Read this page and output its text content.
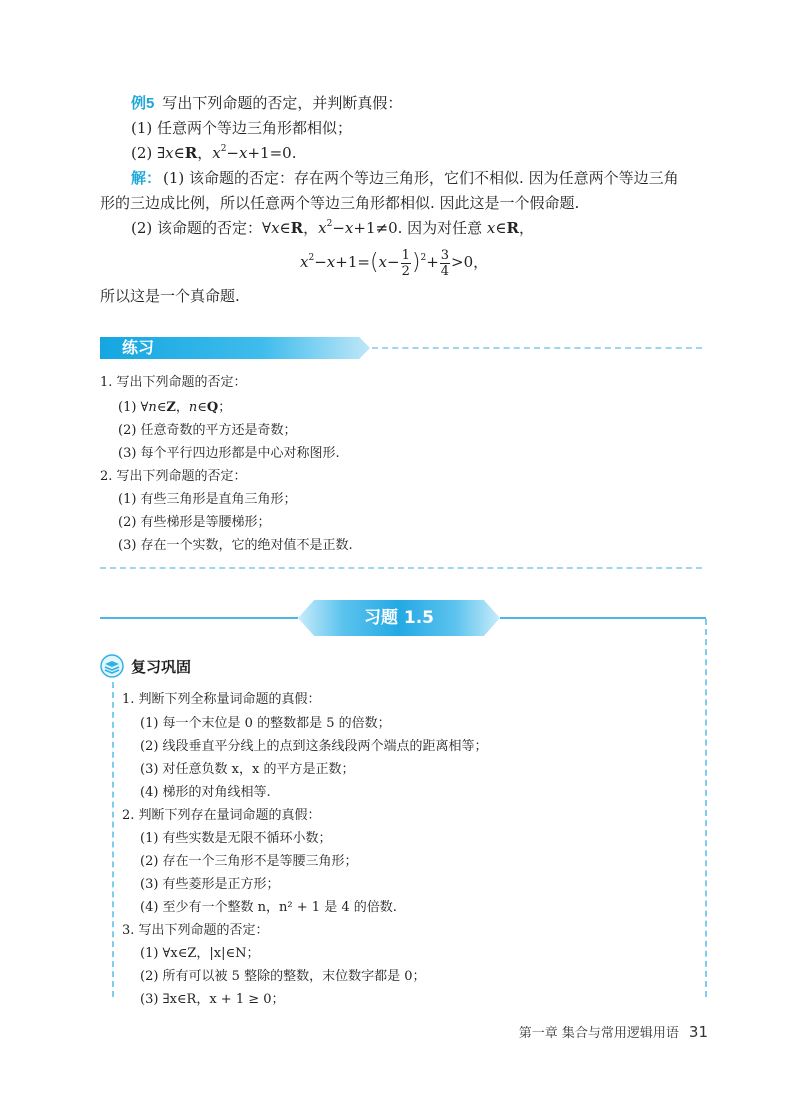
例5 写出下列命题的否定，并判断真假：
(1) 任意两个等边三角形都相似；
(2) ∃x∈R，$x^2-x+1=0$.
解： (1) 该命题的否定：存在两个等边三角形，它们不相似. 因为任意两个等边三角
形的三边成比例，所以任意两个等边三角形都相似. 因此这是一个假命题.
(2) 该命题的否定：∀x∈R，$x^2-x+1\ne 0$. 因为对任意 x∈R，
$x^2-x+1=(x- \frac{1}{2} )^2+ \frac{3}{4} >0$，
所以这是一个真命题.
练习
1. 写出下列命题的否定：
(1) ∀n∈Z，n∈Q；
(2) 任意奇数的平方还是奇数；
(3) 每个平行四边形都是中心对称图形.
2. 写出下列命题的否定：
(1) 有些三角形是直角三角形；
(2) 有些梯形是等腰梯形；
(3) 存在一个实数，它的绝对值不是正数.
习题 1.5
复习巩固
1. 判断下列全称量词命题的真假：
(1) 每一个末位是 0 的整数都是 5 的倍数；
(2) 线段垂直平分线上的点到这条线段两个端点的距离相等；
(3) 对任意负数 x，x 的平方是正数；
(4) 梯形的对角线相等.
2. 判断下列存在量词命题的真假：
(1) 有些实数是无限不循环小数；
(2) 存在一个三角形不是等腰三角形；
(3) 有些菱形是正方形；
(4) 至少有一个整数 n，n² + 1 是 4 的倍数.
3. 写出下列命题的否定：
(1) ∀x∈Z，|x|∈N；
(2) 所有可以被 5 整除的整数，末位数字都是 0；
(3) ∃x∈R，x + 1 ≥ 0；
第一章 集合与常用逻辑用语 31
